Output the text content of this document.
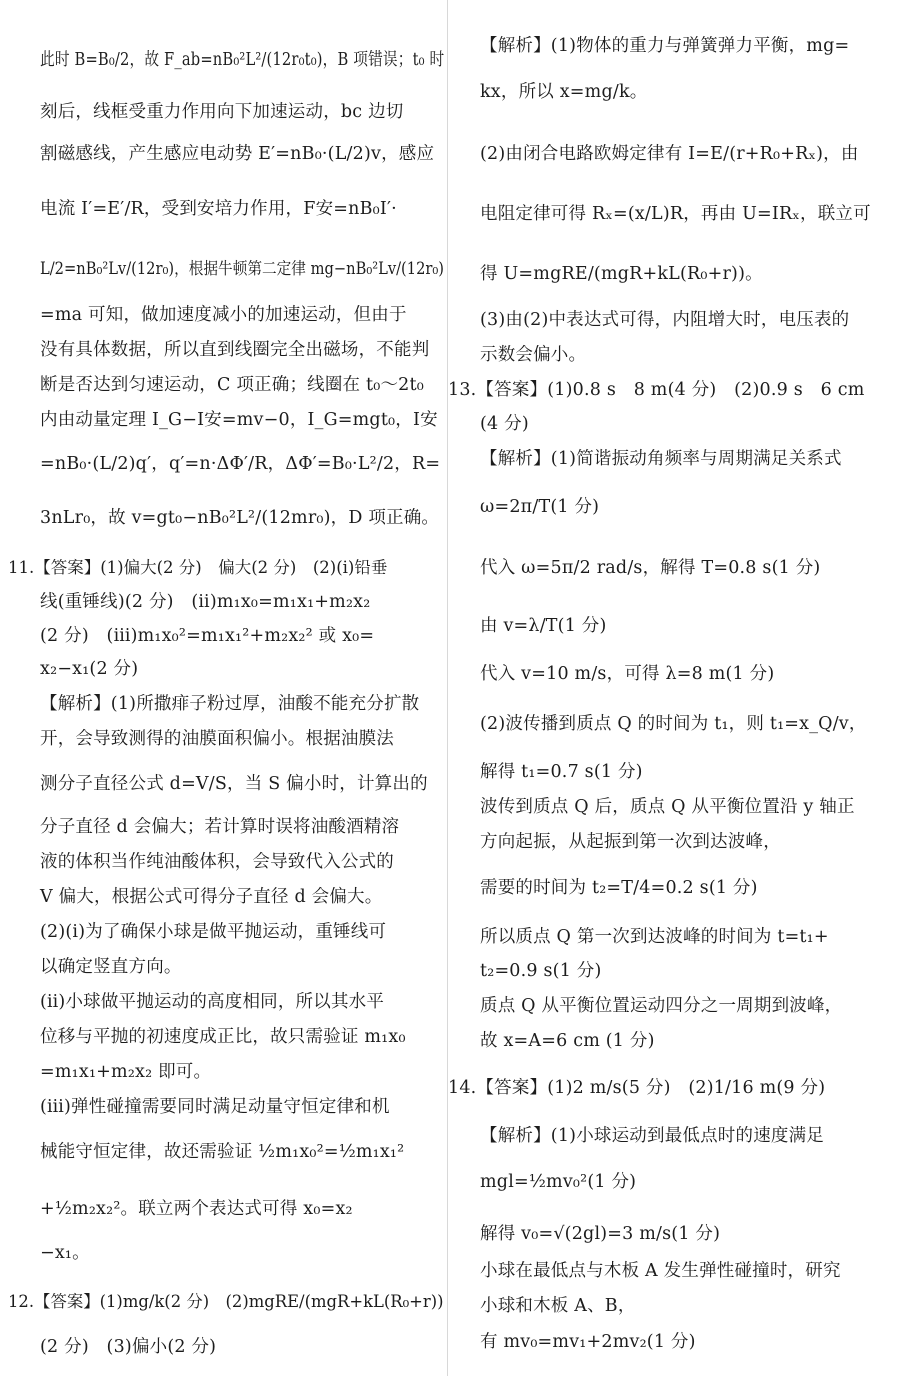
此时 B=B₀/2，故 F_ab=nB₀²L²/(12r₀t₀)，B 项错误；t₀ 时
刻后，线框受重力作用向下加速运动，bc 边切
割磁感线，产生感应电动势 E′=nB₀·(L/2)v，感应
电流 I′=E′/R，受到安培力作用，F安=nB₀I′·
L/2=nB₀²Lv/(12r₀)，根据牛顿第二定律 mg−nB₀²Lv/(12r₀)
=ma 可知，做加速度减小的加速运动，但由于
没有具体数据，所以直到线圈完全出磁场，不能判
断是否达到匀速运动，C 项正确；线圈在 t₀～2t₀
内由动量定理 I_G−I安=mv−0，I_G=mgt₀，I安
=nB₀·(L/2)q′，q′=n·ΔΦ′/R，ΔΦ′=B₀·L²/2，R=
3nLr₀，故 v=gt₀−nB₀²L²/(12mr₀)，D 项正确。
11.【答案】(1)偏大(2 分)　偏大(2 分)　(2)(ⅰ)铅垂
线(重锤线)(2 分)　(ⅱ)m₁x₀=m₁x₁+m₂x₂
(2 分)　(ⅲ)m₁x₀²=m₁x₁²+m₂x₂² 或 x₀=
x₂−x₁(2 分)
【解析】(1)所撒痱子粉过厚，油酸不能充分扩散
开，会导致测得的油膜面积偏小。根据油膜法
测分子直径公式 d=V/S，当 S 偏小时，计算出的
分子直径 d 会偏大；若计算时误将油酸酒精溶
液的体积当作纯油酸体积，会导致代入公式的
V 偏大，根据公式可得分子直径 d 会偏大。
(2)(ⅰ)为了确保小球是做平抛运动，重锤线可
以确定竖直方向。
(ⅱ)小球做平抛运动的高度相同，所以其水平
位移与平抛的初速度成正比，故只需验证 m₁x₀
=m₁x₁+m₂x₂ 即可。
(ⅲ)弹性碰撞需要同时满足动量守恒定律和机
械能守恒定律，故还需验证 ½m₁x₀²=½m₁x₁²
+½m₂x₂²。联立两个表达式可得 x₀=x₂
−x₁。
12.【答案】(1)mg/k(2 分)　(2)mgRE/(mgR+kL(R₀+r))
(2 分)　(3)偏小(2 分)
【解析】(1)物体的重力与弹簧弹力平衡，mg=
kx，所以 x=mg/k。
(2)由闭合电路欧姆定律有 I=E/(r+R₀+Rₓ)，由
电阻定律可得 Rₓ=(x/L)R，再由 U=IRₓ，联立可
得 U=mgRE/(mgR+kL(R₀+r))。
(3)由(2)中表达式可得，内阻增大时，电压表的
示数会偏小。
13.【答案】(1)0.8 s　8 m(4 分)　(2)0.9 s　6 cm
(4 分)
【解析】(1)简谐振动角频率与周期满足关系式
ω=2π/T(1 分)
代入 ω=5π/2 rad/s，解得 T=0.8 s(1 分)
由 v=λ/T(1 分)
代入 v=10 m/s，可得 λ=8 m(1 分)
(2)波传播到质点 Q 的时间为 t₁，则 t₁=x_Q/v，
解得 t₁=0.7 s(1 分)
波传到质点 Q 后，质点 Q 从平衡位置沿 y 轴正
方向起振，从起振到第一次到达波峰，
需要的时间为 t₂=T/4=0.2 s(1 分)
所以质点 Q 第一次到达波峰的时间为 t=t₁+
t₂=0.9 s(1 分)
质点 Q 从平衡位置运动四分之一周期到波峰，
故 x=A=6 cm (1 分)
14.【答案】(1)2 m/s(5 分)　(2)1/16 m(9 分)
【解析】(1)小球运动到最低点时的速度满足
mgl=½mv₀²(1 分)
解得 v₀=√(2gl)=3 m/s(1 分)
小球在最低点与木板 A 发生弹性碰撞时，研究
小球和木板 A、B，
有 mv₀=mv₁+2mv₂(1 分)
